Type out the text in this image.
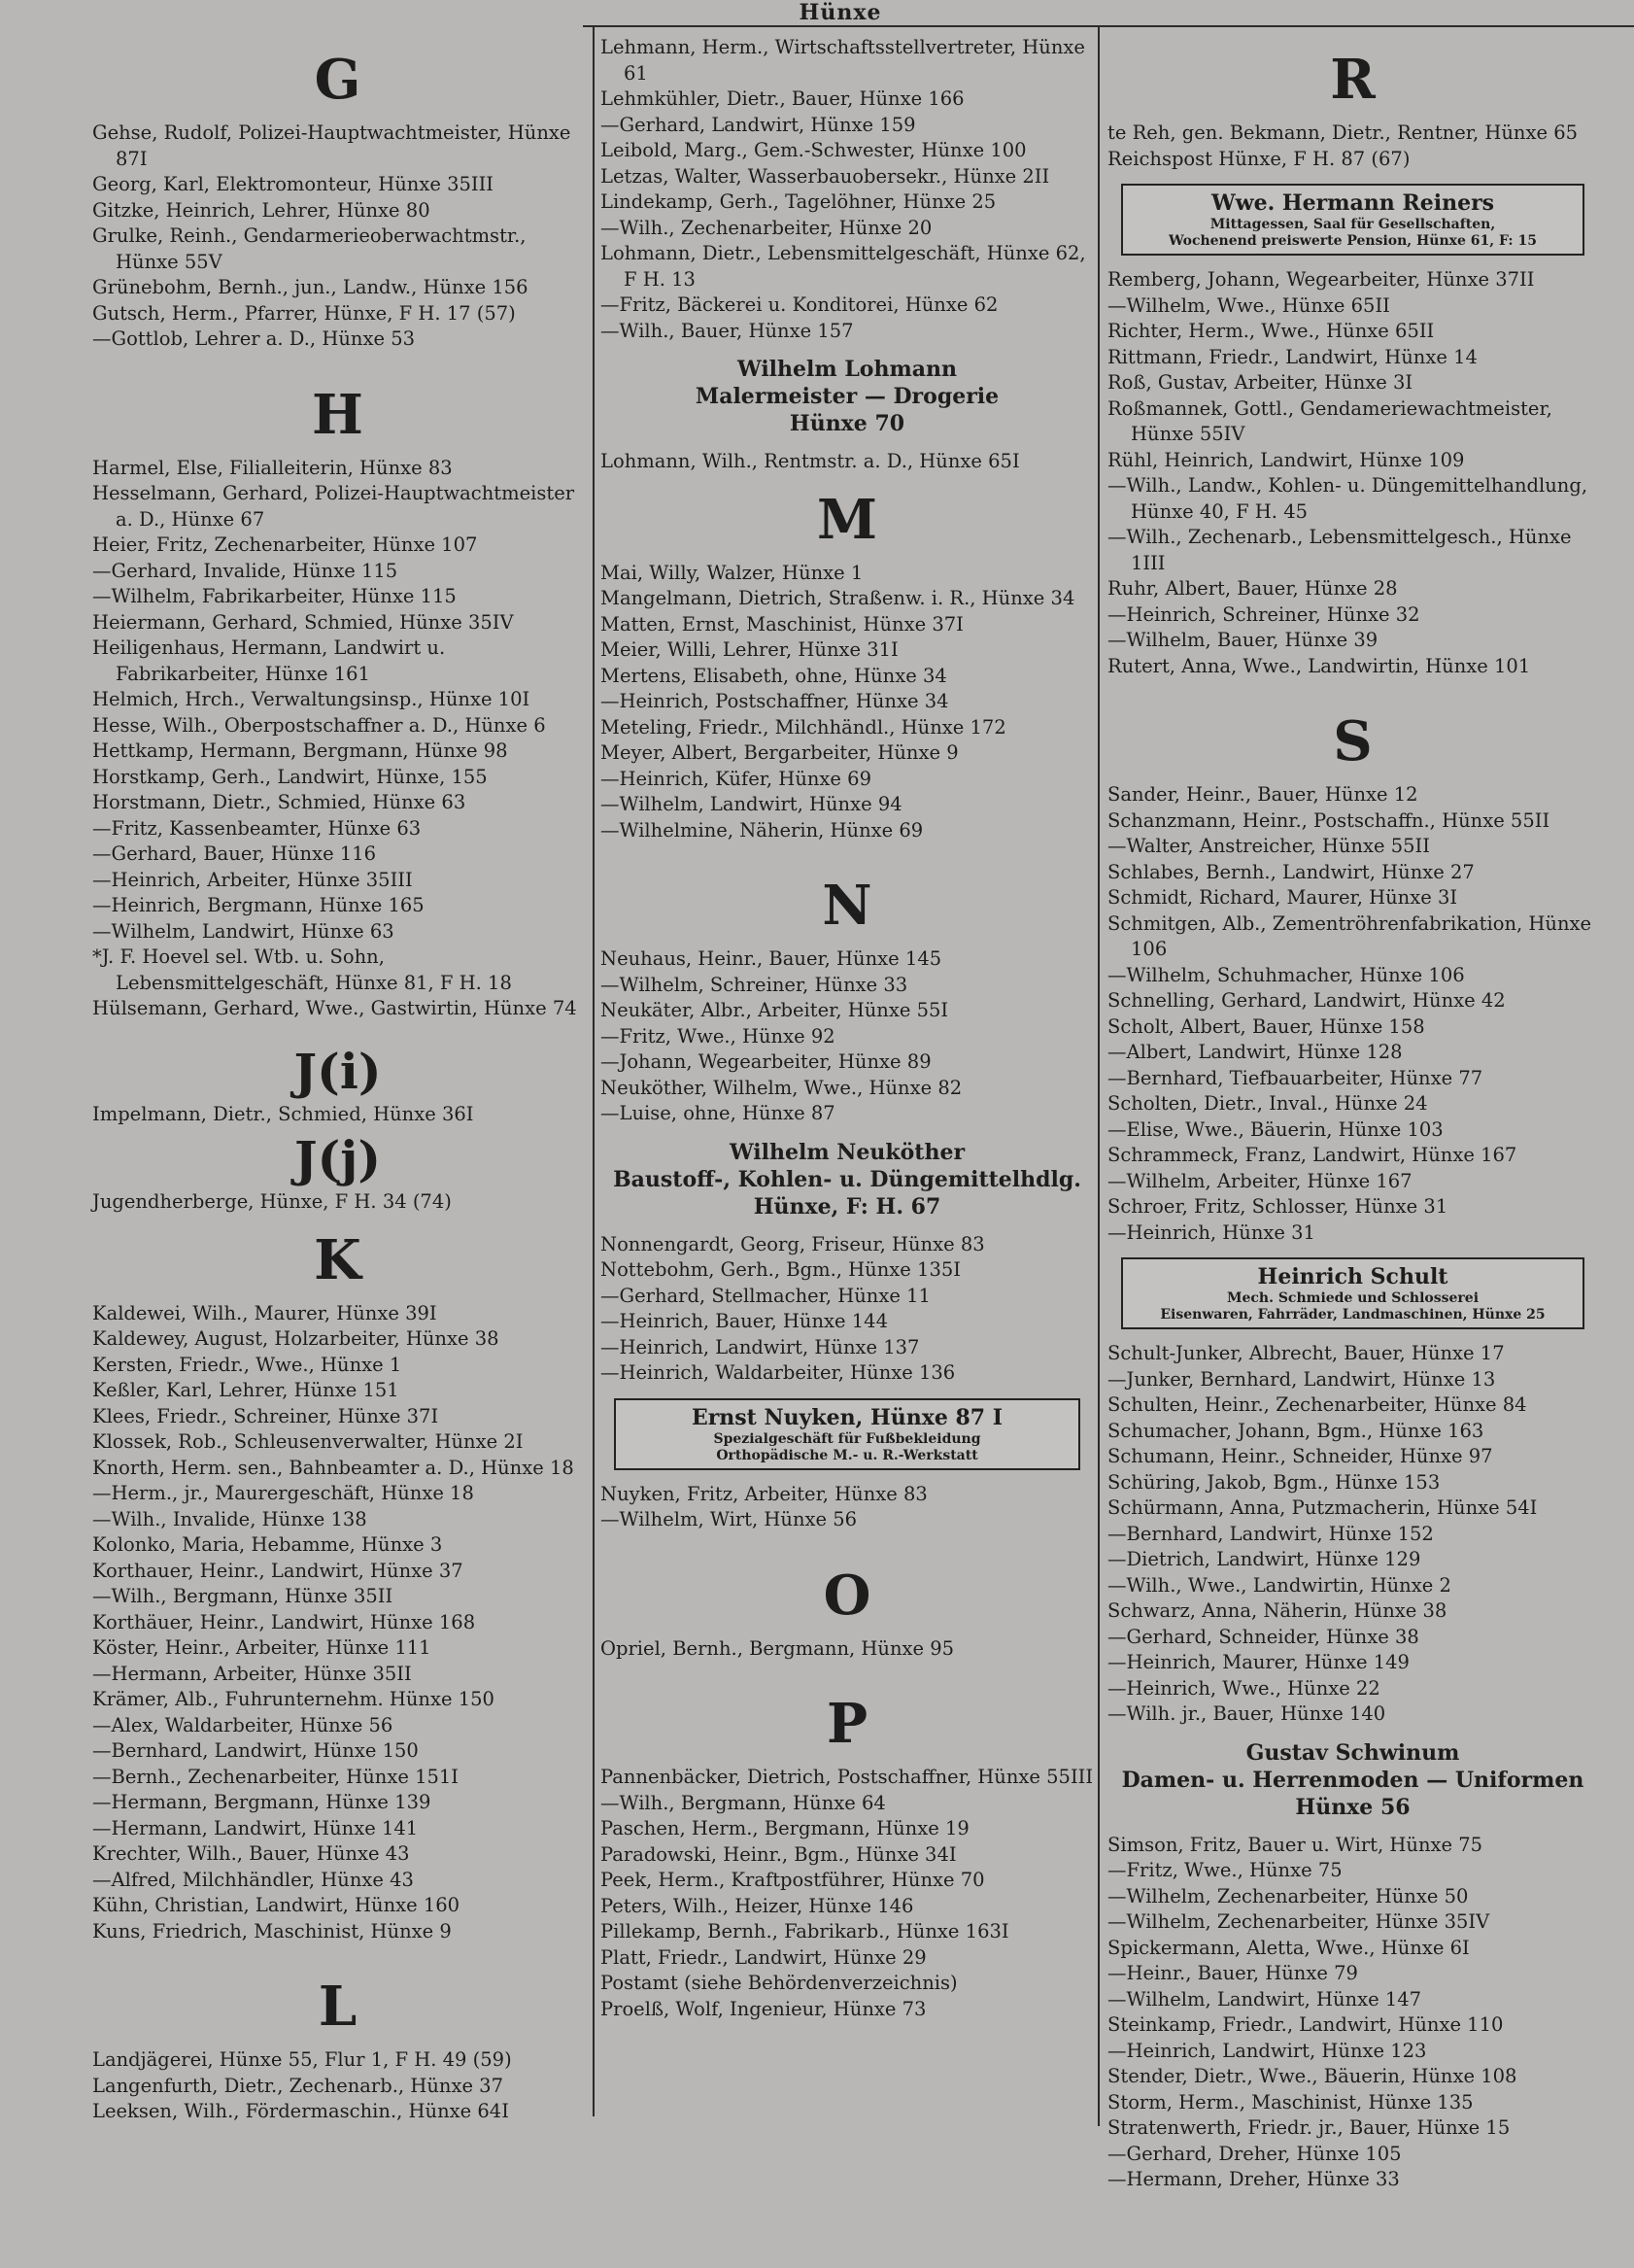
Hünxe
G
Gehse, Rudolf, Polizei-Hauptwachtmeister, Hünxe 87I
Georg, Karl, Elektromonteur, Hünxe 35III
Gitzke, Heinrich, Lehrer, Hünxe 80
Grulke, Reinh., Gendarmerieoberwachtmstr., Hünxe 55V
Grünebohm, Bernh., jun., Landw., Hünxe 156
Gutsch, Herm., Pfarrer, Hünxe, F H. 17 (57)
—Gottlob, Lehrer a. D., Hünxe 53
H
Harmel, Else, Filialleiterin, Hünxe 83
Hesselmann, Gerhard, Polizei-Hauptwachtmeister a. D., Hünxe 67
Heier, Fritz, Zechenarbeiter, Hünxe 107
—Gerhard, Invalide, Hünxe 115
—Wilhelm, Fabrikarbeiter, Hünxe 115
Heiermann, Gerhard, Schmied, Hünxe 35IV
Heiligenhaus, Hermann, Landwirt u. Fabrikarbeiter, Hünxe 161
Helmich, Hrch., Verwaltungsinsp., Hünxe 10I
Hesse, Wilh., Oberpostschaffner a. D., Hünxe 6
Hettkamp, Hermann, Bergmann, Hünxe 98
Horstkamp, Gerh., Landwirt, Hünxe, 155
Horstmann, Dietr., Schmied, Hünxe 63
—Fritz, Kassenbeamter, Hünxe 63
—Gerhard, Bauer, Hünxe 116
—Heinrich, Arbeiter, Hünxe 35III
—Heinrich, Bergmann, Hünxe 165
—Wilhelm, Landwirt, Hünxe 63
*J. F. Hoevel sel. Wtb. u. Sohn, Lebensmittelgeschäft, Hünxe 81, F H. 18
Hülsemann, Gerhard, Wwe., Gastwirtin, Hünxe 74
J(i)
Impelmann, Dietr., Schmied, Hünxe 36I
J(j)
Jugendherberge, Hünxe, F H. 34 (74)
K
Kaldewei, Wilh., Maurer, Hünxe 39I
Kaldewey, August, Holzarbeiter, Hünxe 38
Kersten, Friedr., Wwe., Hünxe 1
Keßler, Karl, Lehrer, Hünxe 151
Klees, Friedr., Schreiner, Hünxe 37I
Klossek, Rob., Schleusenverwalter, Hünxe 2I
Knorth, Herm. sen., Bahnbeamter a. D., Hünxe 18
—Herm., jr., Maurergeschäft, Hünxe 18
—Wilh., Invalide, Hünxe 138
Kolonko, Maria, Hebamme, Hünxe 3
Korthauer, Heinr., Landwirt, Hünxe 37
—Wilh., Bergmann, Hünxe 35II
Korthäuer, Heinr., Landwirt, Hünxe 168
Köster, Heinr., Arbeiter, Hünxe 111
—Hermann, Arbeiter, Hünxe 35II
Krämer, Alb., Fuhrunternehm. Hünxe 150
—Alex, Waldarbeiter, Hünxe 56
—Bernhard, Landwirt, Hünxe 150
—Bernh., Zechenarbeiter, Hünxe 151I
—Hermann, Bergmann, Hünxe 139
—Hermann, Landwirt, Hünxe 141
Krechter, Wilh., Bauer, Hünxe 43
—Alfred, Milchhändler, Hünxe 43
Kühn, Christian, Landwirt, Hünxe 160
Kuns, Friedrich, Maschinist, Hünxe 9
L
Landjägerei, Hünxe 55, Flur 1, F H. 49 (59)
Langenfurth, Dietr., Zechenarb., Hünxe 37
Leeksen, Wilh., Fördermaschin., Hünxe 64I
Lehmann, Herm., Wirtschaftsstellvertreter, Hünxe 61
Lehmkühler, Dietr., Bauer, Hünxe 166
—Gerhard, Landwirt, Hünxe 159
Leibold, Marg., Gem.-Schwester, Hünxe 100
Letzas, Walter, Wasserbauobersekr., Hünxe 2II
Lindekamp, Gerh., Tagelöhner, Hünxe 25
—Wilh., Zechenarbeiter, Hünxe 20
Lohmann, Dietr., Lebensmittelgeschäft, Hünxe 62, F H. 13
—Fritz, Bäckerei u. Konditorei, Hünxe 62
—Wilh., Bauer, Hünxe 157
Wilhelm Lohmann
Malermeister — Drogerie
Hünxe 70
Lohmann, Wilh., Rentmstr. a. D., Hünxe 65I
M
Mai, Willy, Walzer, Hünxe 1
Mangelmann, Dietrich, Straßenw. i. R., Hünxe 34
Matten, Ernst, Maschinist, Hünxe 37I
Meier, Willi, Lehrer, Hünxe 31I
Mertens, Elisabeth, ohne, Hünxe 34
—Heinrich, Postschaffner, Hünxe 34
Meteling, Friedr., Milchhändl., Hünxe 172
Meyer, Albert, Bergarbeiter, Hünxe 9
—Heinrich, Küfer, Hünxe 69
—Wilhelm, Landwirt, Hünxe 94
—Wilhelmine, Näherin, Hünxe 69
N
Neuhaus, Heinr., Bauer, Hünxe 145
—Wilhelm, Schreiner, Hünxe 33
Neukäter, Albr., Arbeiter, Hünxe 55I
—Fritz, Wwe., Hünxe 92
—Johann, Wegearbeiter, Hünxe 89
Neuköther, Wilhelm, Wwe., Hünxe 82
—Luise, ohne, Hünxe 87
Wilhelm Neuköther
Baustoff-, Kohlen- u. Düngemittelhdlg.
Hünxe, F: H. 67
Nonnengardt, Georg, Friseur, Hünxe 83
Nottebohm, Gerh., Bgm., Hünxe 135I
—Gerhard, Stellmacher, Hünxe 11
—Heinrich, Bauer, Hünxe 144
—Heinrich, Landwirt, Hünxe 137
—Heinrich, Waldarbeiter, Hünxe 136
Ernst Nuyken, Hünxe 87 I
Spezialgeschäft für Fußbekleidung
Orthopädische M.- u. R.-Werkstatt
Nuyken, Fritz, Arbeiter, Hünxe 83
—Wilhelm, Wirt, Hünxe 56
O
Opriel, Bernh., Bergmann, Hünxe 95
P
Pannenbäcker, Dietrich, Postschaffner, Hünxe 55III
—Wilh., Bergmann, Hünxe 64
Paschen, Herm., Bergmann, Hünxe 19
Paradowski, Heinr., Bgm., Hünxe 34I
Peek, Herm., Kraftpostführer, Hünxe 70
Peters, Wilh., Heizer, Hünxe 146
Pillekamp, Bernh., Fabrikarb., Hünxe 163I
Platt, Friedr., Landwirt, Hünxe 29
Postamt (siehe Behördenverzeichnis)
Proelß, Wolf, Ingenieur, Hünxe 73
R
te Reh, gen. Bekmann, Dietr., Rentner, Hünxe 65
Reichspost Hünxe, F H. 87 (67)
Wwe. Hermann Reiners
Mittagessen, Saal für Gesellschaften,
Wochenend preiswerte Pension, Hünxe 61, F: 15
Remberg, Johann, Wegearbeiter, Hünxe 37II
—Wilhelm, Wwe., Hünxe 65II
Richter, Herm., Wwe., Hünxe 65II
Rittmann, Friedr., Landwirt, Hünxe 14
Roß, Gustav, Arbeiter, Hünxe 3I
Roßmannek, Gottl., Gendameriewachtmeister, Hünxe 55IV
Rühl, Heinrich, Landwirt, Hünxe 109
—Wilh., Landw., Kohlen- u. Düngemittelhandlung, Hünxe 40, F H. 45
—Wilh., Zechenarb., Lebensmittelgesch., Hünxe 1III
Ruhr, Albert, Bauer, Hünxe 28
—Heinrich, Schreiner, Hünxe 32
—Wilhelm, Bauer, Hünxe 39
Rutert, Anna, Wwe., Landwirtin, Hünxe 101
S
Sander, Heinr., Bauer, Hünxe 12
Schanzmann, Heinr., Postschaffn., Hünxe 55II
—Walter, Anstreicher, Hünxe 55II
Schlabes, Bernh., Landwirt, Hünxe 27
Schmidt, Richard, Maurer, Hünxe 3I
Schmitgen, Alb., Zementröhrenfabrikation, Hünxe 106
—Wilhelm, Schuhmacher, Hünxe 106
Schnelling, Gerhard, Landwirt, Hünxe 42
Scholt, Albert, Bauer, Hünxe 158
—Albert, Landwirt, Hünxe 128
—Bernhard, Tiefbauarbeiter, Hünxe 77
Scholten, Dietr., Inval., Hünxe 24
—Elise, Wwe., Bäuerin, Hünxe 103
Schrammeck, Franz, Landwirt, Hünxe 167
—Wilhelm, Arbeiter, Hünxe 167
Schroer, Fritz, Schlosser, Hünxe 31
—Heinrich, Hünxe 31
Heinrich Schult
Mech. Schmiede und Schlosserei
Eisenwaren, Fahrräder, Landmaschinen, Hünxe 25
Schult-Junker, Albrecht, Bauer, Hünxe 17
—Junker, Bernhard, Landwirt, Hünxe 13
Schulten, Heinr., Zechenarbeiter, Hünxe 84
Schumacher, Johann, Bgm., Hünxe 163
Schumann, Heinr., Schneider, Hünxe 97
Schüring, Jakob, Bgm., Hünxe 153
Schürmann, Anna, Putzmacherin, Hünxe 54I
—Bernhard, Landwirt, Hünxe 152
—Dietrich, Landwirt, Hünxe 129
—Wilh., Wwe., Landwirtin, Hünxe 2
Schwarz, Anna, Näherin, Hünxe 38
—Gerhard, Schneider, Hünxe 38
—Heinrich, Maurer, Hünxe 149
—Heinrich, Wwe., Hünxe 22
—Wilh. jr., Bauer, Hünxe 140
Gustav Schwinum
Damen- u. Herrenmoden — Uniformen
Hünxe 56
Simson, Fritz, Bauer u. Wirt, Hünxe 75
—Fritz, Wwe., Hünxe 75
—Wilhelm, Zechenarbeiter, Hünxe 50
—Wilhelm, Zechenarbeiter, Hünxe 35IV
Spickermann, Aletta, Wwe., Hünxe 6I
—Heinr., Bauer, Hünxe 79
—Wilhelm, Landwirt, Hünxe 147
Steinkamp, Friedr., Landwirt, Hünxe 110
—Heinrich, Landwirt, Hünxe 123
Stender, Dietr., Wwe., Bäuerin, Hünxe 108
Storm, Herm., Maschinist, Hünxe 135
Stratenwerth, Friedr. jr., Bauer, Hünxe 15
—Gerhard, Dreher, Hünxe 105
—Hermann, Dreher, Hünxe 33
